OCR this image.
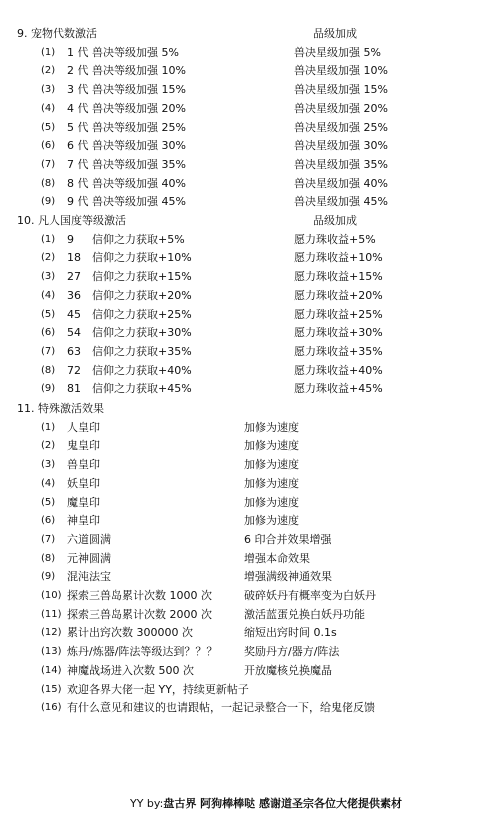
9. 宠物代数激活	品级加成
(1) 1 代 兽决等级加强 5%	兽决星级加强 5%
(2) 2 代 兽决等级加强 10%	兽决星级加强 10%
(3) 3 代 兽决等级加强 15%	兽决星级加强 15%
(4) 4 代 兽决等级加强 20%	兽决星级加强 20%
(5) 5 代 兽决等级加强 25%	兽决星级加强 25%
(6) 6 代 兽决等级加强 30%	兽决星级加强 30%
(7) 7 代 兽决等级加强 35%	兽决星级加强 35%
(8) 8 代 兽决等级加强 40%	兽决星级加强 40%
(9) 9 代 兽决等级加强 45%	兽决星级加强 45%
10. 凡人国度等级激活	品级加成
(1) 9 信仰之力获取+5%	愿力珠收益+5%
(2) 18 信仰之力获取+10%	愿力珠收益+10%
(3) 27 信仰之力获取+15%	愿力珠收益+15%
(4) 36 信仰之力获取+20%	愿力珠收益+20%
(5) 45 信仰之力获取+25%	愿力珠收益+25%
(6) 54 信仰之力获取+30%	愿力珠收益+30%
(7) 63 信仰之力获取+35%	愿力珠收益+35%
(8) 72 信仰之力获取+40%	愿力珠收益+40%
(9) 81 信仰之力获取+45%	愿力珠收益+45%
11. 特殊激活效果
(1) 人皇印	加修为速度
(2) 鬼皇印	加修为速度
(3) 兽皇印	加修为速度
(4) 妖皇印	加修为速度
(5) 魔皇印	加修为速度
(6) 神皇印	加修为速度
(7) 六道圆满	6 印合并效果增强
(8) 元神圆满	增强本命效果
(9) 混沌法宝	增强满级神通效果
(10) 探索三兽岛累计次数 1000 次	破碎妖丹有概率变为白妖丹
(11) 探索三兽岛累计次数 2000 次	激活蓝蛋兑换白妖丹功能
(12) 累计出窍次数 300000 次	缩短出窍时间 0.1s
(13) 炼丹/炼器/阵法等级达到？？？ 奖励丹方/器方/阵法
(14) 神魔战场进入次数 500 次	开放魔核兑换魔晶
(15) 欢迎各界大佬一起 YY，持续更新帖子
(16) 有什么意见和建议的也请跟帖，一起记录整合一下，给鬼佬反馈
YY by:盘古界 阿狗棒棒哒 感谢道圣宗各位大佬提供素材
